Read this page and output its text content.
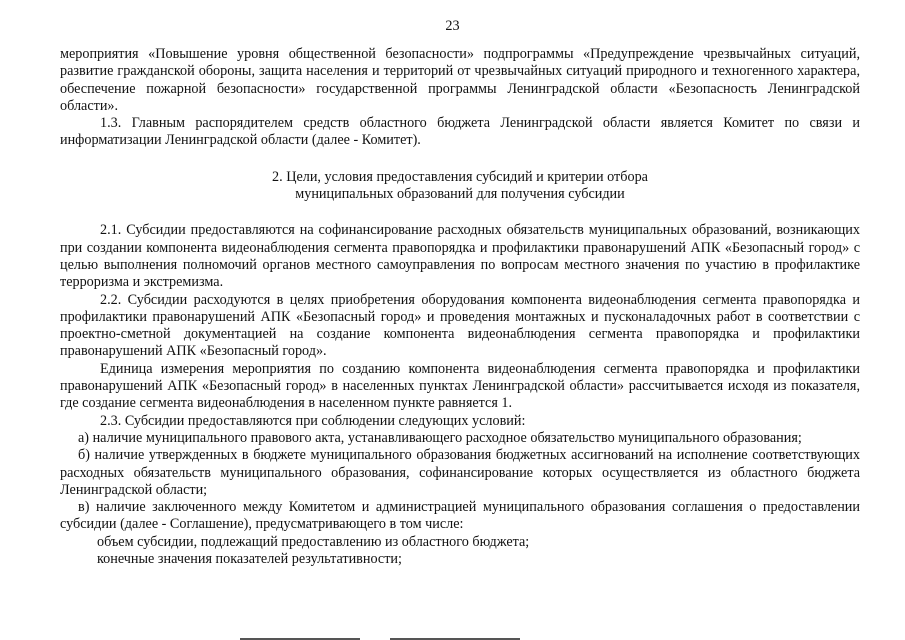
23

мероприятия «Повышение уровня общественной безопасности» подпрограммы «Предупреждение чрезвычайных ситуаций, развитие гражданской обороны, защита населения и территорий от чрезвычайных ситуаций природного и техногенного характера, обеспечение пожарной безопасности» государственной программы Ленинградской области «Безопасность Ленинградской области».

1.3. Главным распорядителем средств областного бюджета Ленинградской области является Комитет по связи и информатизации Ленинградской области (далее - Комитет).

2. Цели, условия предоставления субсидий и критерии отбора
муниципальных образований для получения субсидии

2.1. Субсидии предоставляются на софинансирование расходных обязательств муниципальных образований, возникающих при создании компонента видеонаблюдения сегмента правопорядка и профилактики правонарушений АПК «Безопасный город» с целью выполнения полномочий органов местного самоуправления по вопросам местного значения по участию в профилактике терроризма и экстремизма.

2.2. Субсидии расходуются в целях приобретения оборудования компонента видеонаблюдения сегмента правопорядка и профилактики правонарушений АПК «Безопасный город» и проведения монтажных и пусконаладочных работ в соответствии с проектно-сметной документацией на создание компонента видеонаблюдения сегмента правопорядка и профилактики правонарушений АПК «Безопасный город».

Единица измерения мероприятия по созданию компонента видеонаблюдения сегмента правопорядка и профилактики правонарушений АПК «Безопасный город» в населенных пунктах Ленинградской области» рассчитывается исходя из показателя, где создание сегмента видеонаблюдения в населенном пункте равняется 1.

2.3. Субсидии предоставляются при соблюдении следующих условий:

а) наличие муниципального правового акта, устанавливающего расходное обязательство муниципального образования;

б) наличие утвержденных в бюджете муниципального образования бюджетных ассигнований на исполнение соответствующих расходных обязательств муниципального образования, софинансирование которых осуществляется из областного бюджета Ленинградской области;

в) наличие заключенного между Комитетом и администрацией муниципального образования соглашения о предоставлении субсидии (далее - Соглашение), предусматривающего в том числе:

объем субсидии, подлежащий предоставлению из областного бюджета;

конечные значения показателей результативности;
